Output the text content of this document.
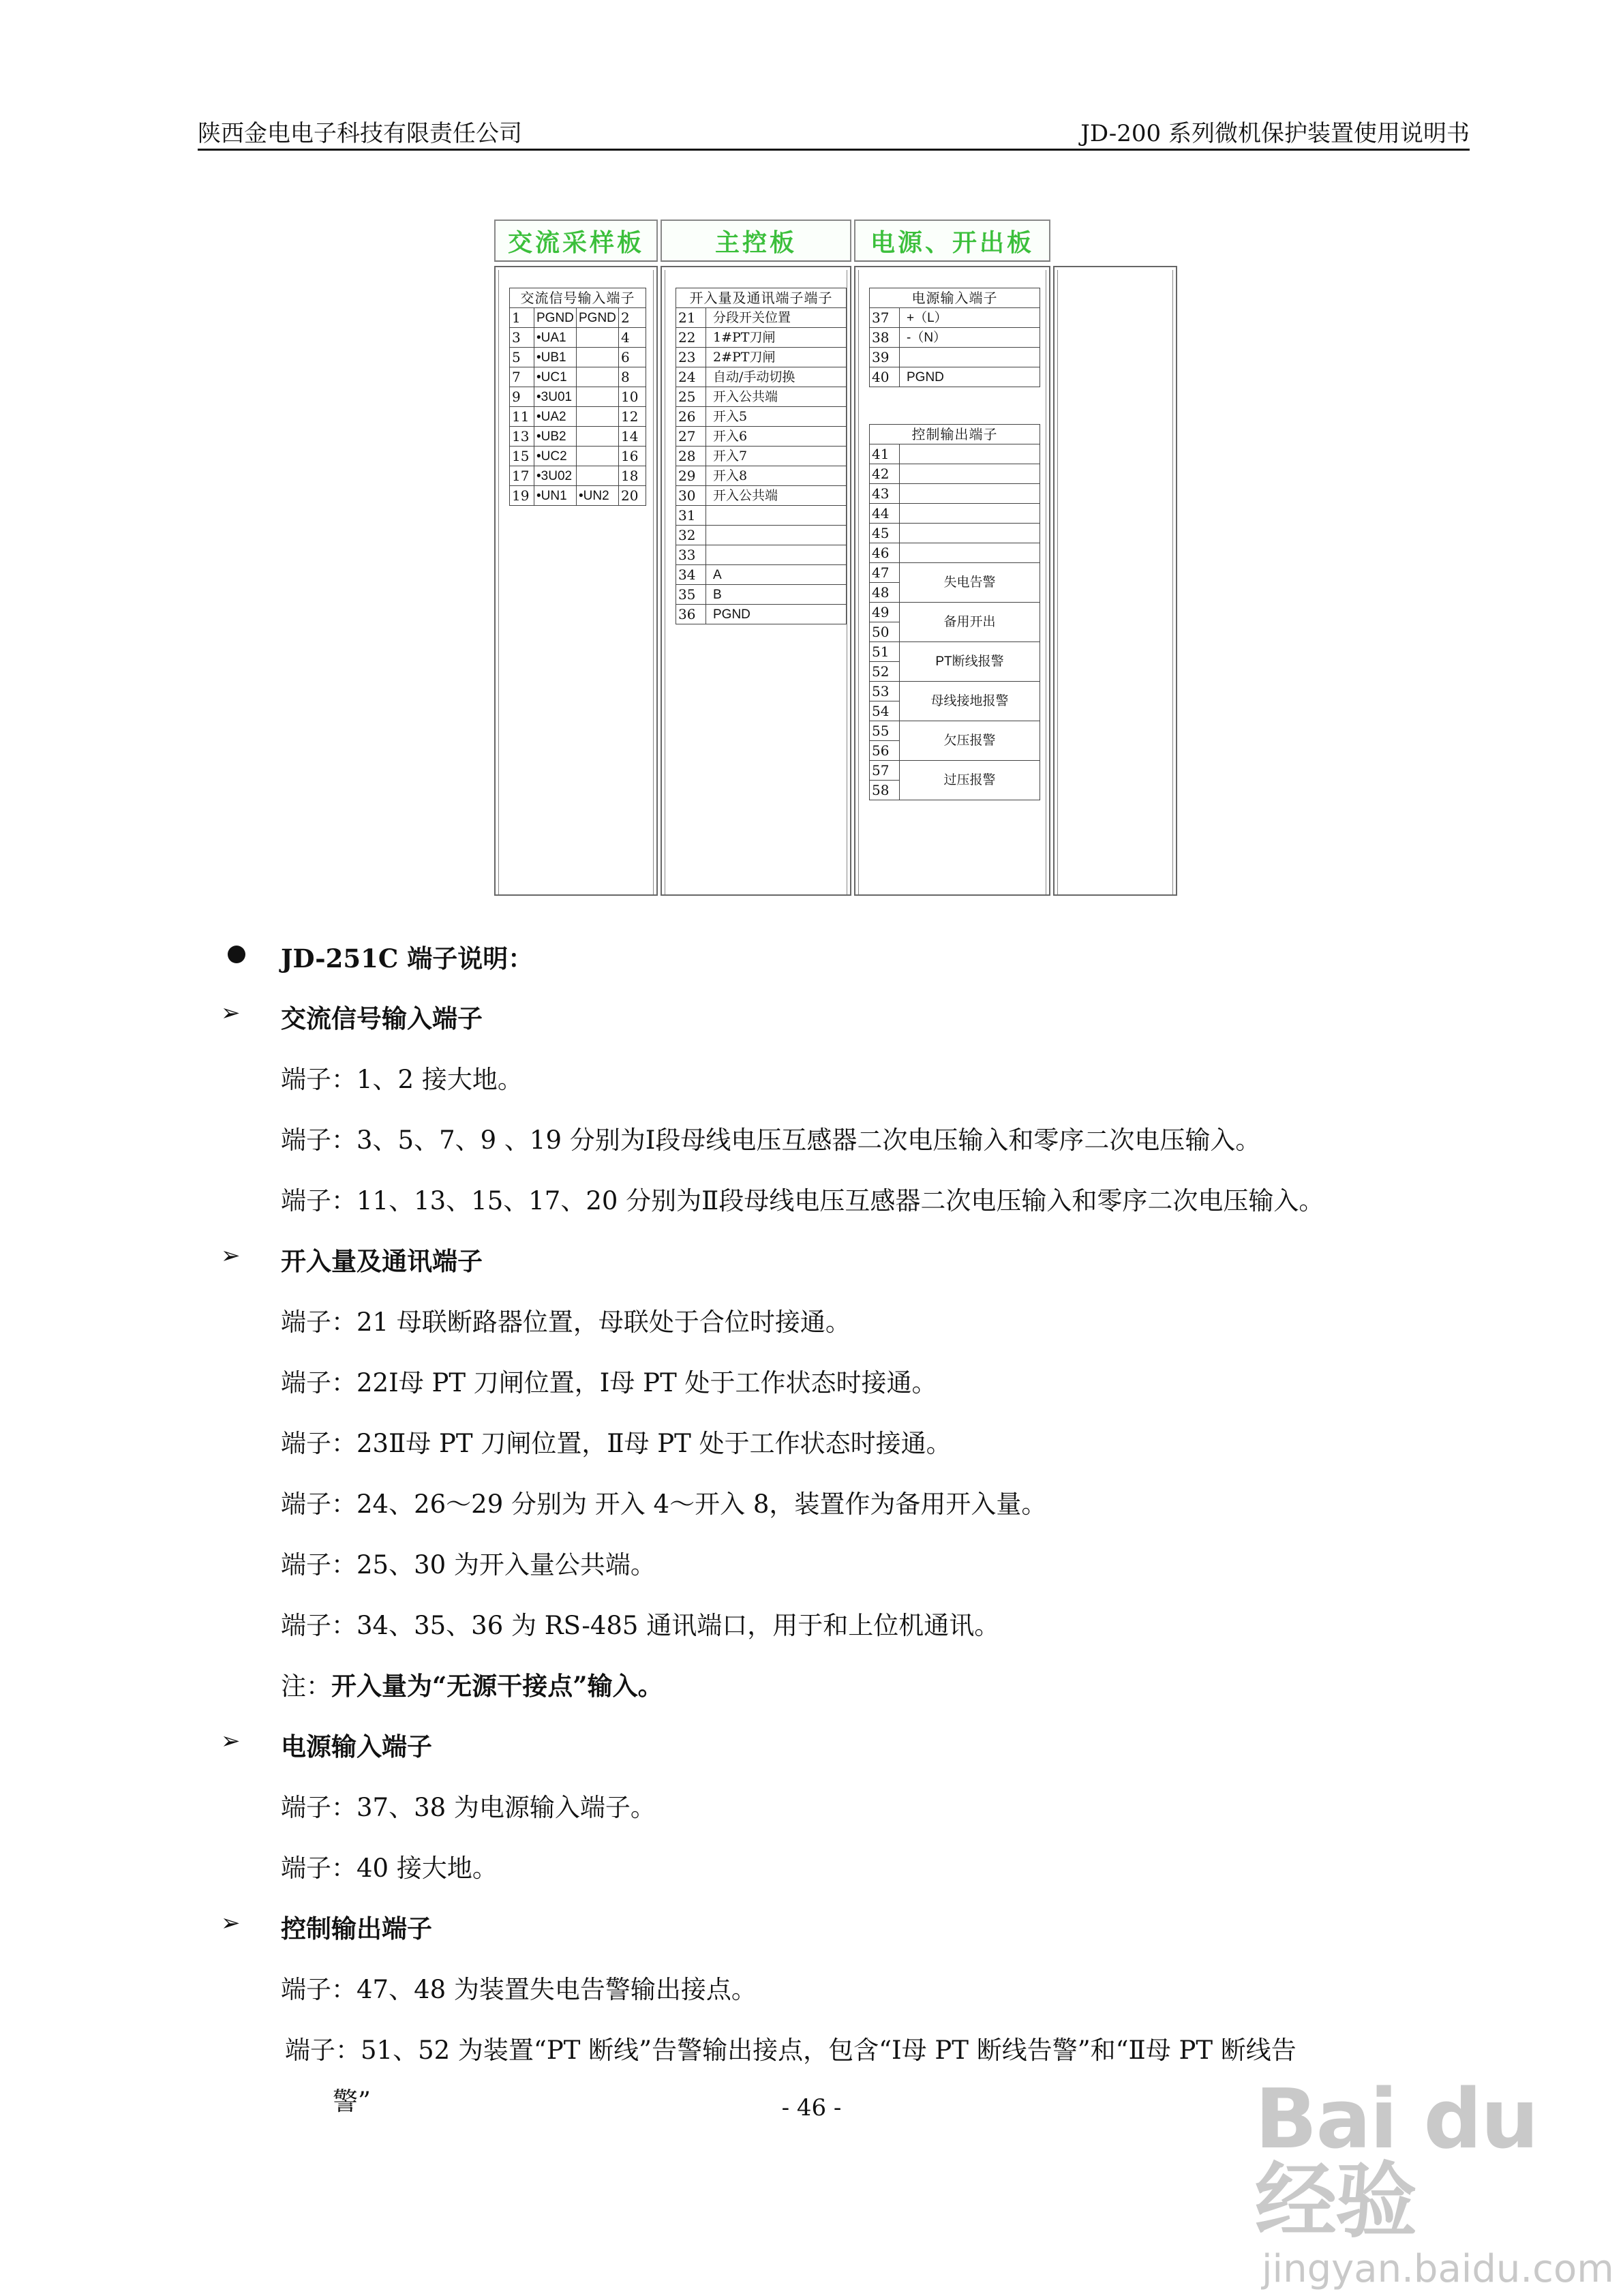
陕西金电电子科技有限责任公司	JD-200 系列微机保护装置使用说明书
交流采样板	主控板	电源、开出板
交流信号输入端子			
1	PGND	PGND	2
3	•UA1		4
5	•UB1		6
7	•UC1		8
9	•3U01		10
11	•UA2		12
13	•UB2		14
15	•UC2		16
17	•3U02		18
19	•UN1	•UN2	20
开入量及通讯端子端子	
21	分段开关位置
22	1#PT刀闸
23	2#PT刀闸
24	自动/手动切换
25	开入公共端
26	开入5
27	开入6
28	开入7
29	开入8
30	开入公共端
31	
32	
33	
34	A
35	B
36	PGND
电源输入端子	
37	+（L）
38	-（N）
39	
40	PGND
控制输出端子	
41	
42	
43	
44	
45	
46	
47	失电告警
48	
49	备用开出
50	
51	PT断线报警
52	
53	母线接地报警
54	
55	欠压报警
56	
57	过压报警
58	
JD-251C 端子说明：
➢ 交流信号输入端子
端子：1、2 接大地。
端子：3、5、7、9 、19 分别为Ⅰ段母线电压互感器二次电压输入和零序二次电压输入。
端子：11、13、15、17、20 分别为Ⅱ段母线电压互感器二次电压输入和零序二次电压输入。
➢ 开入量及通讯端子
端子：21 母联断路器位置，母联处于合位时接通。
端子：22Ⅰ母 PT 刀闸位置，Ⅰ母 PT 处于工作状态时接通。
端子：23Ⅱ母 PT 刀闸位置，Ⅱ母 PT 处于工作状态时接通。
端子：24、26～29 分别为 开入 4～开入 8，装置作为备用开入量。
端子：25、30 为开入量公共端。
端子：34、35、36 为 RS-485 通讯端口，用于和上位机通讯。
注：开入量为“无源干接点”输入。
➢ 电源输入端子
端子：37、38 为电源输入端子。
端子：40 接大地。
➢ 控制输出端子
端子：47、48 为装置失电告警输出接点。
端子：51、52 为装置“PT 断线”告警输出接点，包含“Ⅰ母 PT 断线告警”和“Ⅱ母 PT 断线告
警”	- 46 -	Bai du 经验
jingyan.baidu.com
